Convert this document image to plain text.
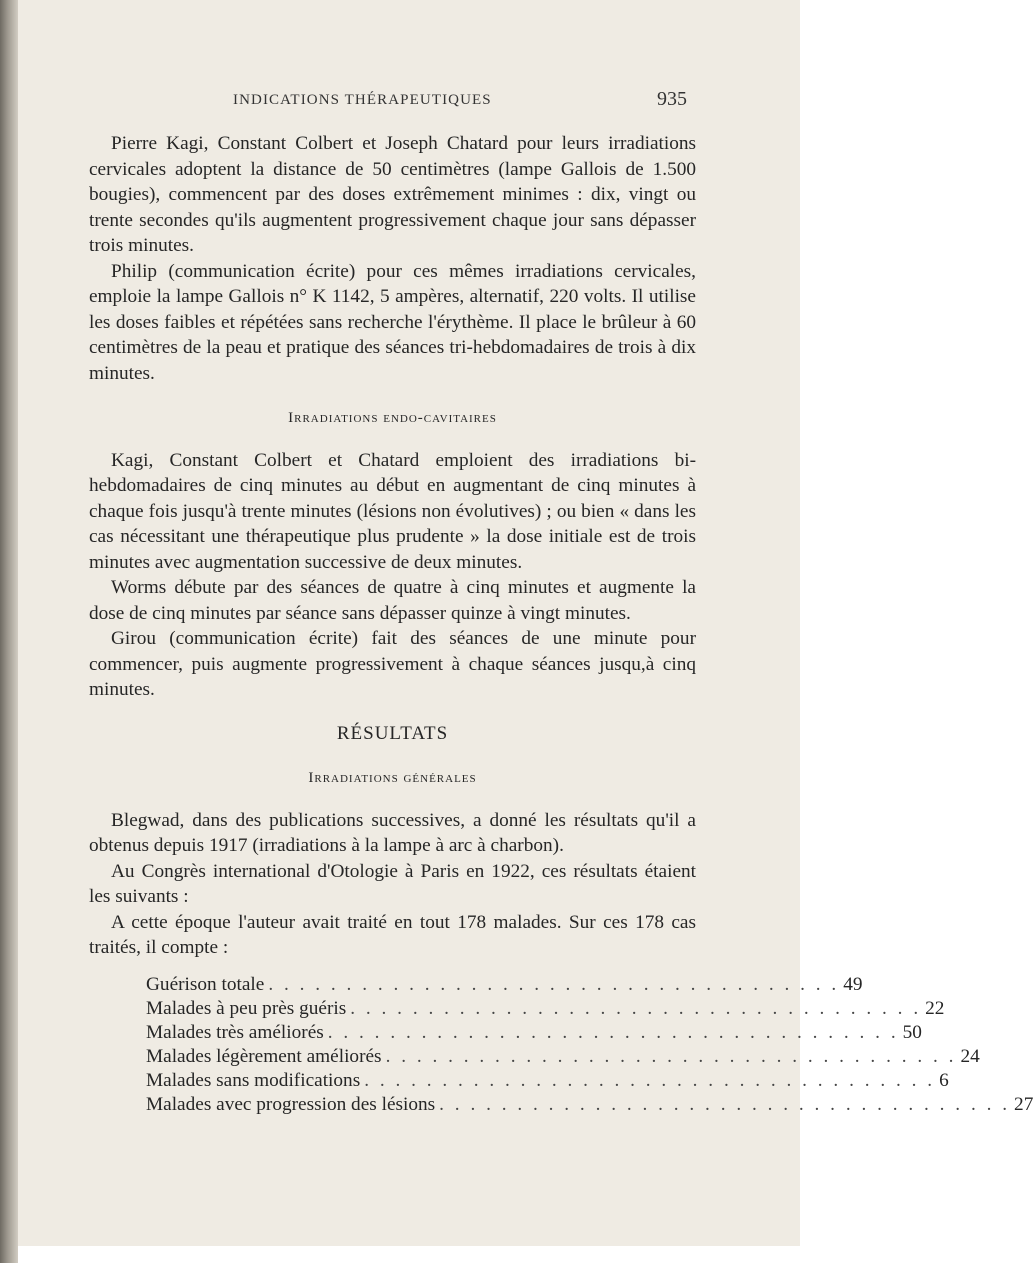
INDICATIONS THÉRAPEUTIQUES	935

Pierre Kagi, Constant Colbert et Joseph Chatard pour leurs irradiations cervicales adoptent la distance de 50 centimètres (lampe Gallois de 1.500 bougies), commencent par des doses extrêmement minimes : dix, vingt ou trente secondes qu'ils augmentent progressivement chaque jour sans dépasser trois minutes.

Philip (communication écrite) pour ces mêmes irradiations cervicales, emploie la lampe Gallois n° K 1142, 5 ampères, alternatif, 220 volts. Il utilise les doses faibles et répétées sans recherche l'érythème. Il place le brûleur à 60 centimètres de la peau et pratique des séances tri-hebdomadaires de trois à dix minutes.

Irradiations endo-cavitaires

Kagi, Constant Colbert et Chatard emploient des irradiations bi-hebdomadaires de cinq minutes au début en augmentant de cinq minutes à chaque fois jusqu'à trente minutes (lésions non évolutives) ; ou bien « dans les cas nécessitant une thérapeutique plus prudente » la dose initiale est de trois minutes avec augmentation successive de deux minutes.

Worms débute par des séances de quatre à cinq minutes et augmente la dose de cinq minutes par séance sans dépasser quinze à vingt minutes.

Girou (communication écrite) fait des séances de une minute pour commencer, puis augmente progressivement à chaque séances jusqu,à cinq minutes.

RÉSULTATS
Irradiations générales

Blegwad, dans des publications successives, a donné les résultats qu'il a obtenus depuis 1917 (irradiations à la lampe à arc à charbon).

Au Congrès international d'Otologie à Paris en 1922, ces résultats étaient les suivants :

A cette époque l'auteur avait traité en tout 178 malades. Sur ces 178 cas traités, il compte :

Guérison totale . . . . . . . . . . . . . . . . . . . . . . . . . . . . . . . . . . . . . 49
Malades à peu près guéris . . . . . . . . . . . . . . . . . . . . . . . . . . . . . . . . . . . . . 22
Malades très améliorés . . . . . . . . . . . . . . . . . . . . . . . . . . . . . . . . . . . . . 50
Malades légèrement améliorés . . . . . . . . . . . . . . . . . . . . . . . . . . . . . . . . . . . . . 24
Malades sans modifications . . . . . . . . . . . . . . . . . . . . . . . . . . . . . . . . . . . . . 6
Malades avec progression des lésions . . . . . . . . . . . . . . . . . . . . . . . . . . . . . . . . . . . . . 27
